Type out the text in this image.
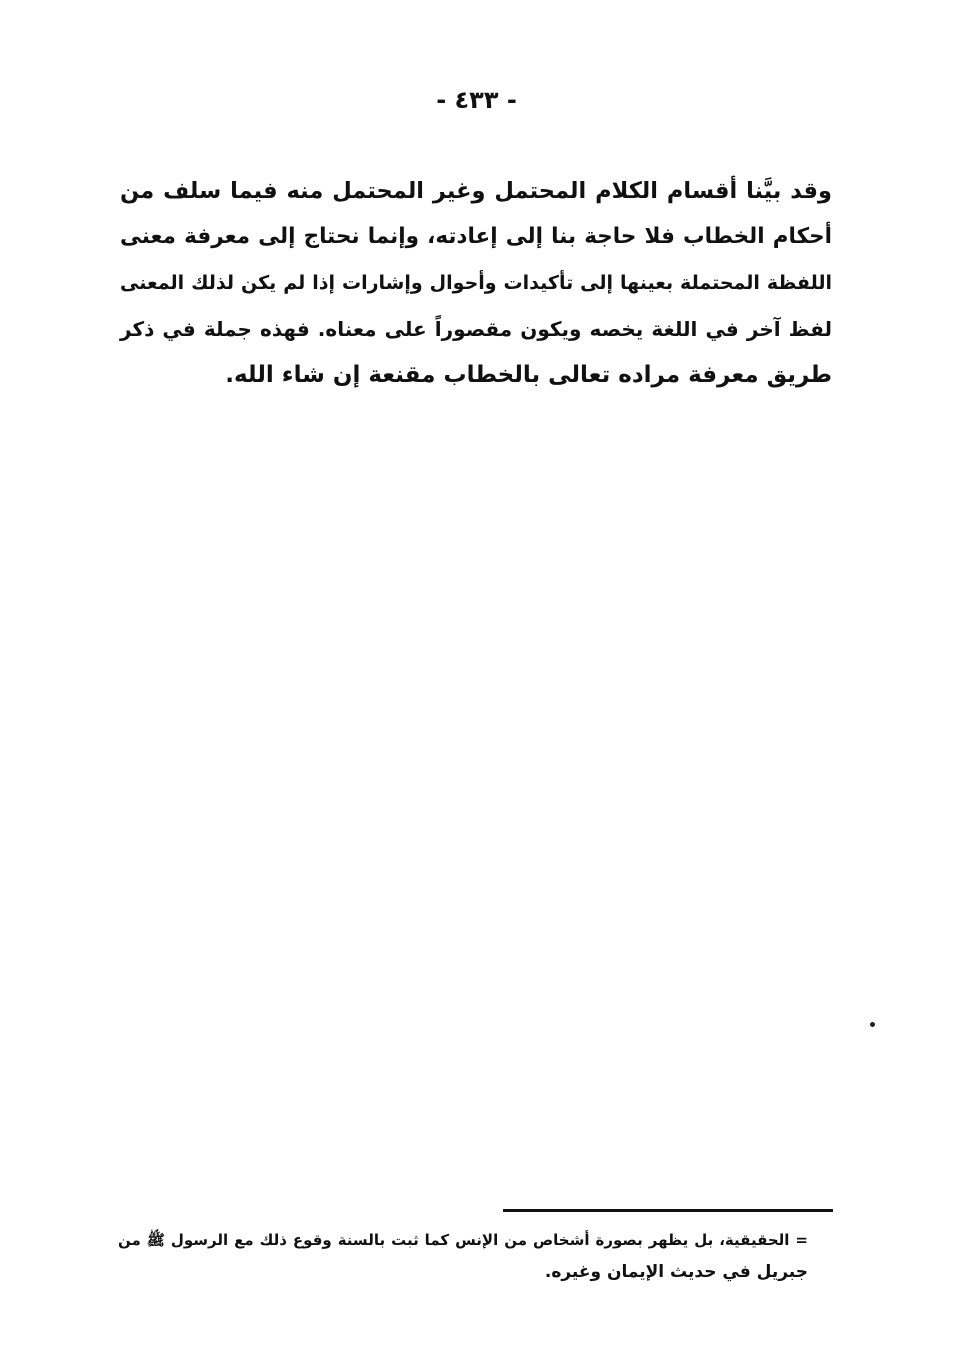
- ٤٣٣ -
وقد بيَّنا أقسام الكلام المحتمل وغير المحتمل منه فيما سلف من
أحكام الخطاب فلا حاجة بنا إلى إعادته، وإنما نحتاج إلى معرفة معنى
اللفظة المحتملة بعينها إلى تأكيدات وأحوال وإشارات إذا لم يكن لذلك المعنى
لفظ آخر في اللغة يخصه ويكون مقصوراً على معناه. فهذه جملة في ذكر
طريق معرفة مراده تعالى بالخطاب مقنعة إن شاء الله.
= الحقيقية، بل يظهر بصورة أشخاص من الإنس كما ثبت بالسنة وقوع ذلك مع الرسول ﷺ من
جبريل في حديث الإيمان وغيره.
